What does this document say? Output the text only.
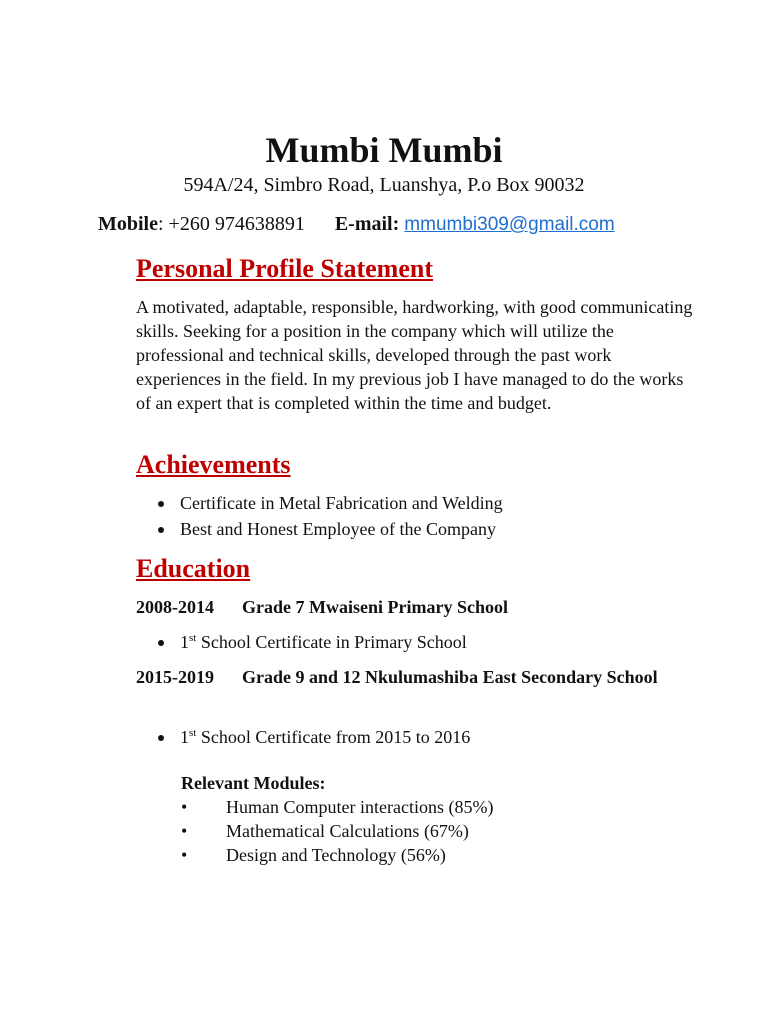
Mumbi Mumbi
594A/24, Simbro Road, Luanshya, P.o Box 90032
Mobile: +260 974638891 E-mail: mmumbi309@gmail.com
Personal Profile Statement
A motivated, adaptable, responsible, hardworking, with good communicating skills. Seeking for a position in the company which will utilize the professional and technical skills, developed through the past work experiences in the field. In my previous job I have managed to do the works of an expert that is completed within the time and budget.
Achievements
Certificate in Metal Fabrication and Welding
Best and Honest Employee of the Company
Education
2008-2014 Grade 7 Mwaiseni Primary School
1st School Certificate in Primary School
2015-2019 Grade 9 and 12 Nkulumashiba East Secondary School
1st School Certificate from 2015 to 2016
Relevant Modules:
• Human Computer interactions (85%)
• Mathematical Calculations (67%)
• Design and Technology (56%)
